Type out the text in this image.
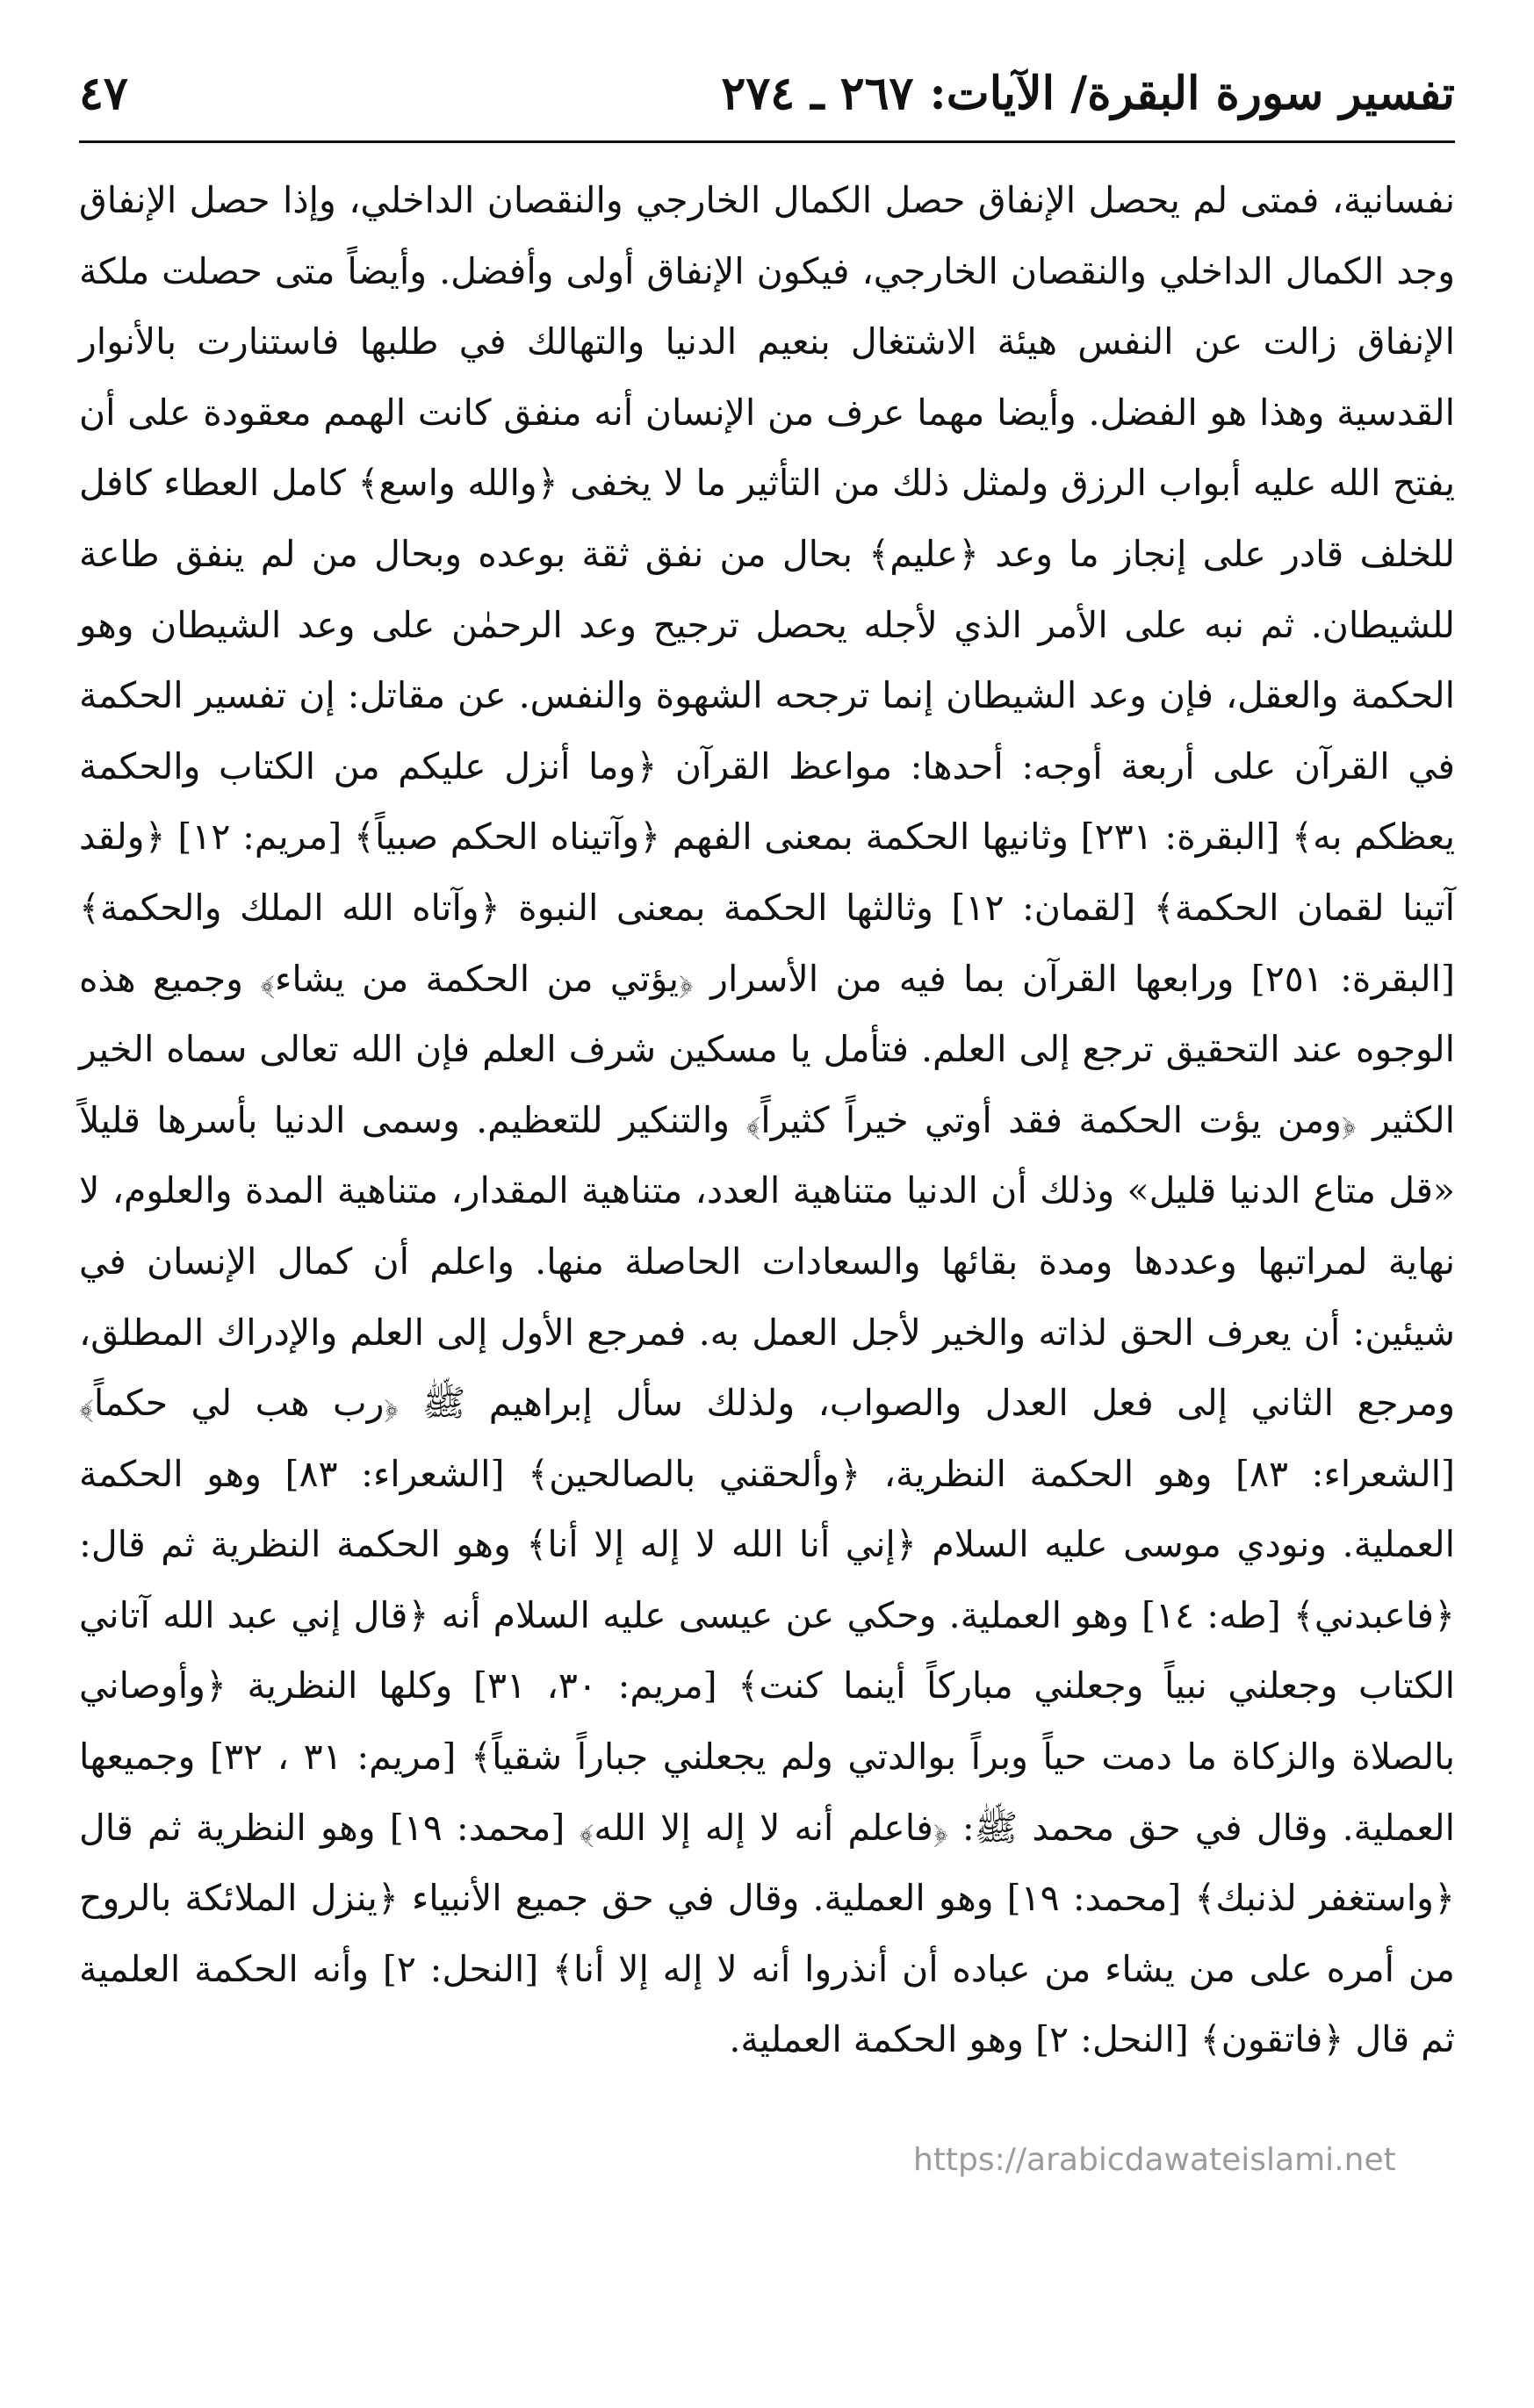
تفسير سورة البقرة/ الآيات: ٢٦٧ ـ ٢٧٤
٤٧

نفسانية، فمتى لم يحصل الإنفاق حصل الكمال الخارجي والنقصان الداخلي، وإذا حصل الإنفاق وجد الكمال الداخلي والنقصان الخارجي، فيكون الإنفاق أولى وأفضل. وأيضاً متى حصلت ملكة الإنفاق زالت عن النفس هيئة الاشتغال بنعيم الدنيا والتهالك في طلبها فاستنارت بالأنوار القدسية وهذا هو الفضل. وأيضا مهما عرف من الإنسان أنه منفق كانت الهمم معقودة على أن يفتح الله عليه أبواب الرزق ولمثل ذلك من التأثير ما لا يخفى ﴿والله واسع﴾ كامل العطاء كافل للخلف قادر على إنجاز ما وعد ﴿عليم﴾ بحال من نفق ثقة بوعده وبحال من لم ينفق طاعة للشيطان. ثم نبه على الأمر الذي لأجله يحصل ترجيح وعد الرحمٰن على وعد الشيطان وهو الحكمة والعقل، فإن وعد الشيطان إنما ترجحه الشهوة والنفس. عن مقاتل: إن تفسير الحكمة في القرآن على أربعة أوجه: أحدها: مواعظ القرآن ﴿وما أنزل عليكم من الكتاب والحكمة يعظكم به﴾ [البقرة: ٢٣١] وثانيها الحكمة بمعنى الفهم ﴿وآتيناه الحكم صبياً﴾ [مريم: ١٢] ﴿ولقد آتينا لقمان الحكمة﴾ [لقمان: ١٢] وثالثها الحكمة بمعنى النبوة ﴿وآتاه الله الملك والحكمة﴾ [البقرة: ٢٥١] ورابعها القرآن بما فيه من الأسرار ﴿يؤتي من الحكمة من يشاء﴾ وجميع هذه الوجوه عند التحقيق ترجع إلى العلم. فتأمل يا مسكين شرف العلم فإن الله تعالى سماه الخير الكثير ﴿ومن يؤت الحكمة فقد أوتي خيراً كثيراً﴾ والتنكير للتعظيم. وسمى الدنيا بأسرها قليلاً «قل متاع الدنيا قليل» وذلك أن الدنيا متناهية العدد، متناهية المقدار، متناهية المدة والعلوم، لا نهاية لمراتبها وعددها ومدة بقائها والسعادات الحاصلة منها. واعلم أن كمال الإنسان في شيئين: أن يعرف الحق لذاته والخير لأجل العمل به. فمرجع الأول إلى العلم والإدراك المطلق، ومرجع الثاني إلى فعل العدل والصواب، ولذلك سأل إبراهيم ﷺ ﴿رب هب لي حكماً﴾ [الشعراء: ٨٣] وهو الحكمة النظرية، ﴿وألحقني بالصالحين﴾ [الشعراء: ٨٣] وهو الحكمة العملية. ونودي موسى عليه السلام ﴿إني أنا الله لا إله إلا أنا﴾ وهو الحكمة النظرية ثم قال: ﴿فاعبدني﴾ [طه: ١٤] وهو العملية. وحكي عن عيسى عليه السلام أنه ﴿قال إني عبد الله آتاني الكتاب وجعلني نبياً وجعلني مباركاً أينما كنت﴾ [مريم: ٣٠، ٣١] وكلها النظرية ﴿وأوصاني بالصلاة والزكاة ما دمت حياً وبراً بوالدتي ولم يجعلني جباراً شقياً﴾ [مريم: ٣١ ، ٣٢] وجميعها العملية. وقال في حق محمد ﷺ: ﴿فاعلم أنه لا إله إلا الله﴾ [محمد: ١٩] وهو النظرية ثم قال ﴿واستغفر لذنبك﴾ [محمد: ١٩] وهو العملية. وقال في حق جميع الأنبياء ﴿ينزل الملائكة بالروح من أمره على من يشاء من عباده أن أنذروا أنه لا إله إلا أنا﴾ [النحل: ٢] وأنه الحكمة العلمية ثم قال ﴿فاتقون﴾ [النحل: ٢] وهو الحكمة العملية.

https://arabicdawateislami.net
